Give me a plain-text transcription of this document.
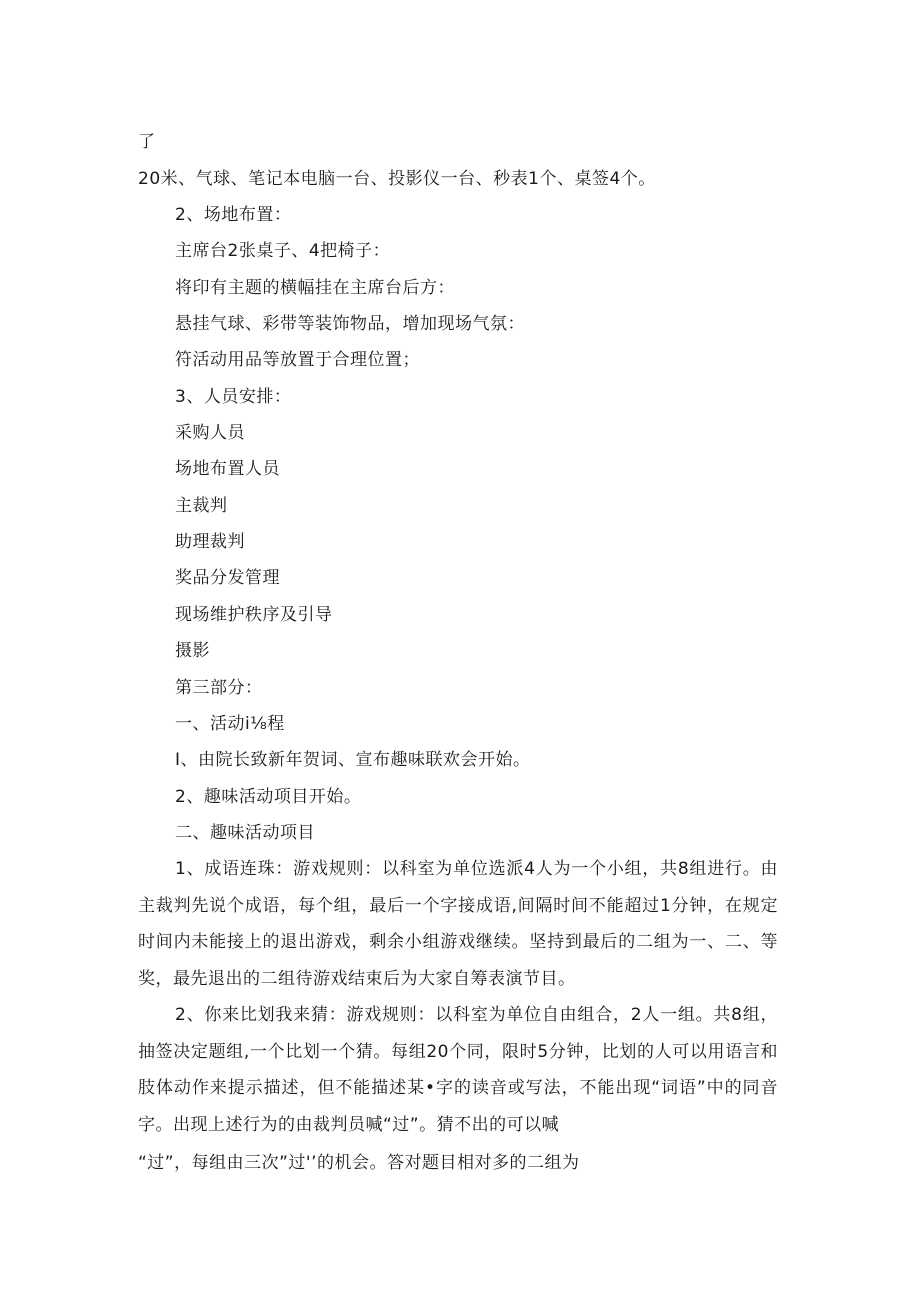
了
20米、气球、笔记本电脑一台、投影仪一台、秒表1个、桌签4个。
2、场地布置：
主席台2张桌子、4把椅子：
将印有主题的横幅挂在主席台后方：
悬挂气球、彩带等装饰物品，增加现场气氛：
符活动用品等放置于合理位置；
3、人员安排：
采购人员
场地布置人员
主裁判
助理裁判
奖品分发管理
现场维护秩序及引导
摄影
第三部分：
一、活动i⅛程
I、由院长致新年贺词、宣布趣味联欢会开始。
2、趣味活动项目开始。
二、趣味活动项目
1、成语连珠：游戏规则：以科室为单位选派4人为一个小组，共8组进行。由主裁判先说个成语，每个组，最后一个字接成语,间隔时间不能超过1分钟，在规定时间内未能接上的退出游戏，剩余小组游戏继续。坚持到最后的二组为一、二、等奖，最先退出的二组待游戏结束后为大家自筹表演节目。
2、你来比划我来猜：游戏规则：以科室为单位自由组合，2人一组。共8组，抽签决定题组,一个比划一个猜。每组20个同，限时5分钟，比划的人可以用语言和肢体动作来提示描述，但不能描述某•字的读音或写法，不能出现“词语”中的同音字。出现上述行为的由裁判员喊“过”。猜不出的可以喊
“过”，每组由三次”过'’的机会。答对题目相对多的二组为
